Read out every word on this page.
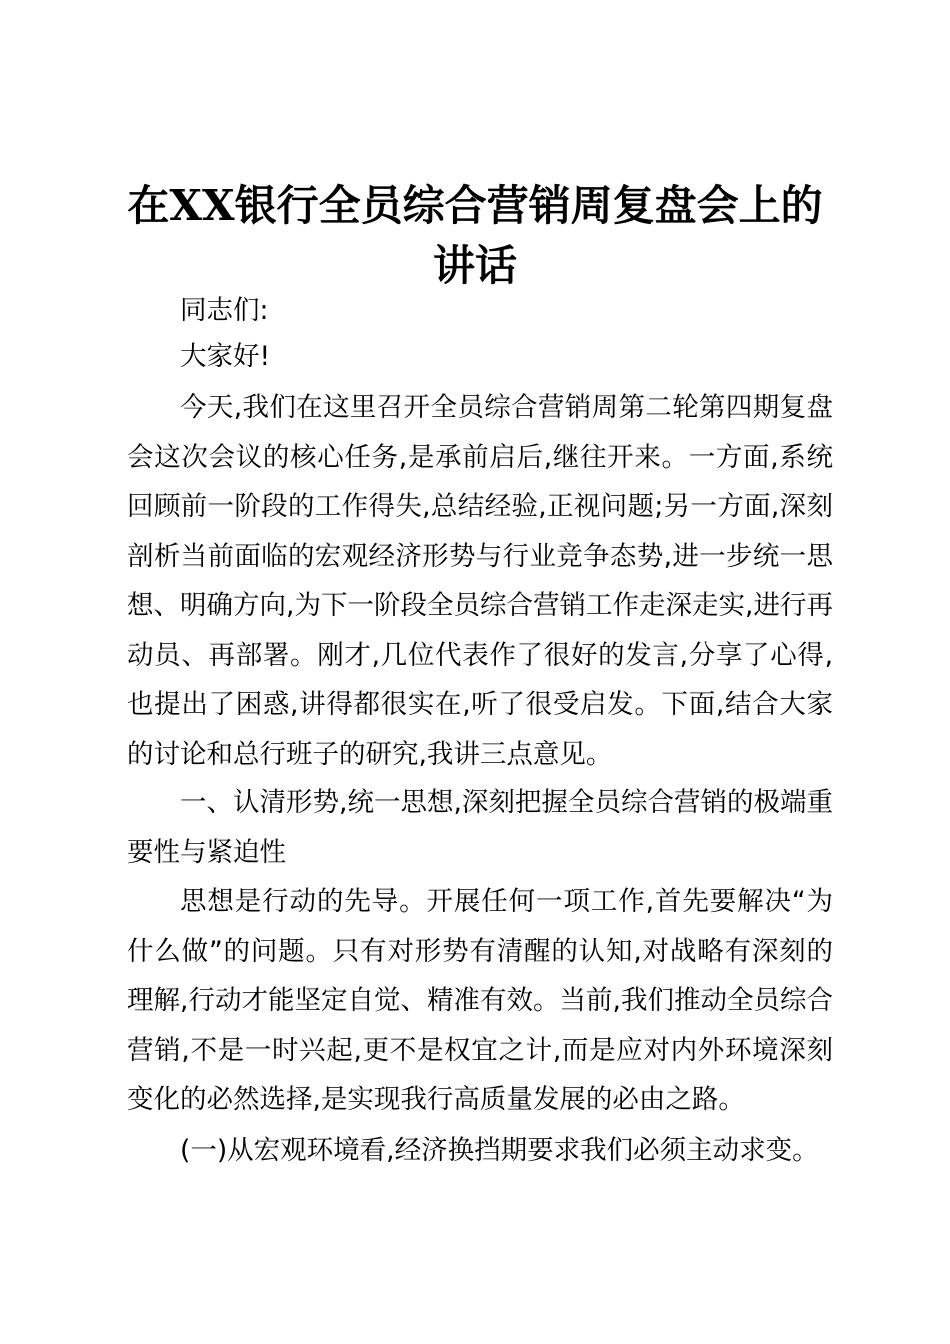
在XX银行全员综合营销周复盘会上的讲话

同志们:

大家好!

今天,我们在这里召开全员综合营销周第二轮第四期复盘会这次会议的核心任务,是承前启后,继往开来。一方面,系统回顾前一阶段的工作得失,总结经验,正视问题;另一方面,深刻剖析当前面临的宏观经济形势与行业竞争态势,进一步统一思想、明确方向,为下一阶段全员综合营销工作走深走实,进行再动员、再部署。刚才,几位代表作了很好的发言,分享了心得,也提出了困惑,讲得都很实在,听了很受启发。下面,结合大家的讨论和总行班子的研究,我讲三点意见。

一、认清形势,统一思想,深刻把握全员综合营销的极端重要性与紧迫性

思想是行动的先导。开展任何一项工作,首先要解决“为什么做”的问题。只有对形势有清醒的认知,对战略有深刻的理解,行动才能坚定自觉、精准有效。当前,我们推动全员综合营销,不是一时兴起,更不是权宜之计,而是应对内外环境深刻变化的必然选择,是实现我行高质量发展的必由之路。

(一)从宏观环境看,经济换挡期要求我们必须主动求变。
